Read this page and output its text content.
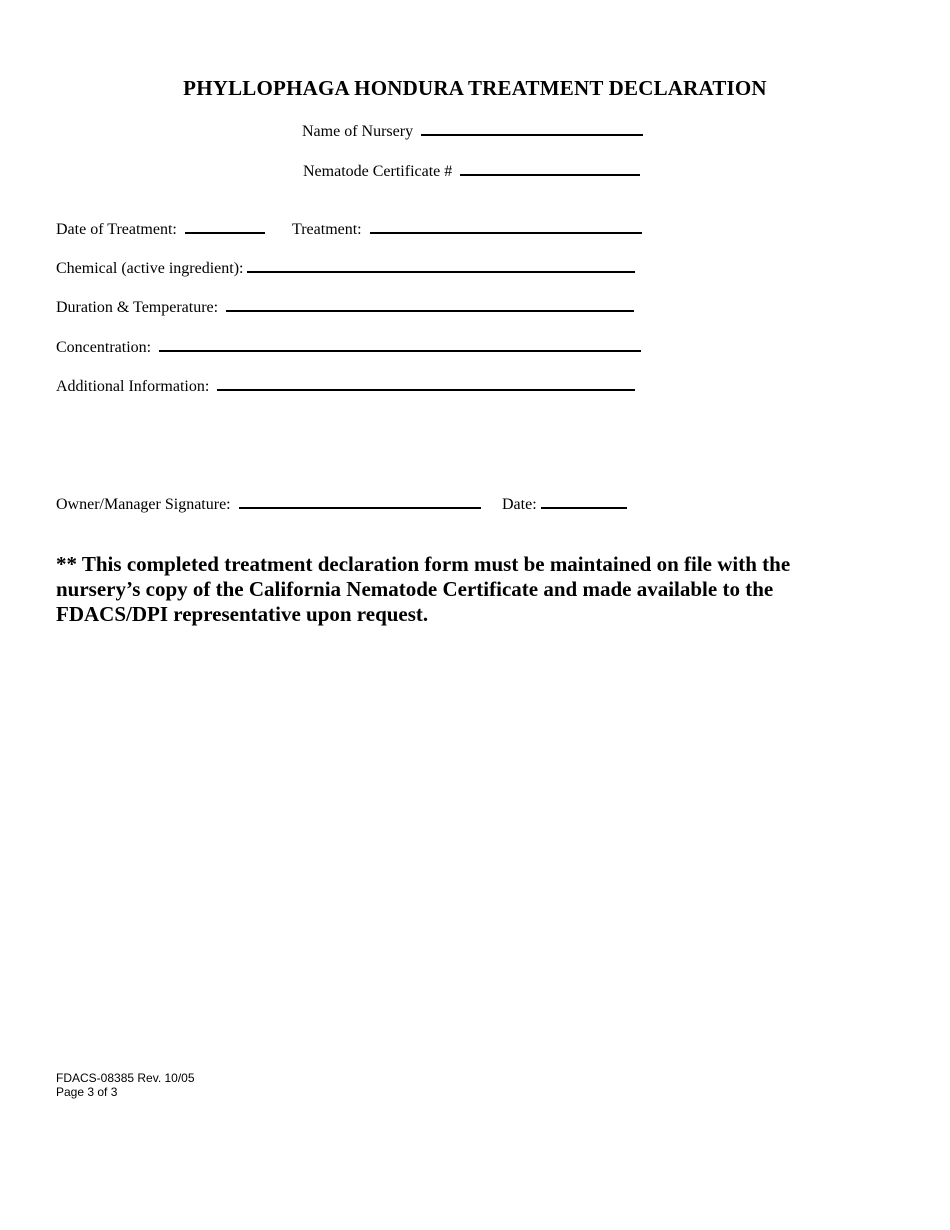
PHYLLOPHAGA HONDURA TREATMENT DECLARATION
Name of Nursery
Nematode Certificate #
Date of Treatment:	Treatment:
Chemical (active ingredient):
Duration & Temperature:
Concentration:
Additional Information:
Owner/Manager Signature:	Date:
** This completed treatment declaration form must be maintained on file with the nursery’s copy of the California Nematode Certificate and made available to the FDACS/DPI representative upon request.
FDACS-08385 Rev. 10/05
Page 3 of 3
